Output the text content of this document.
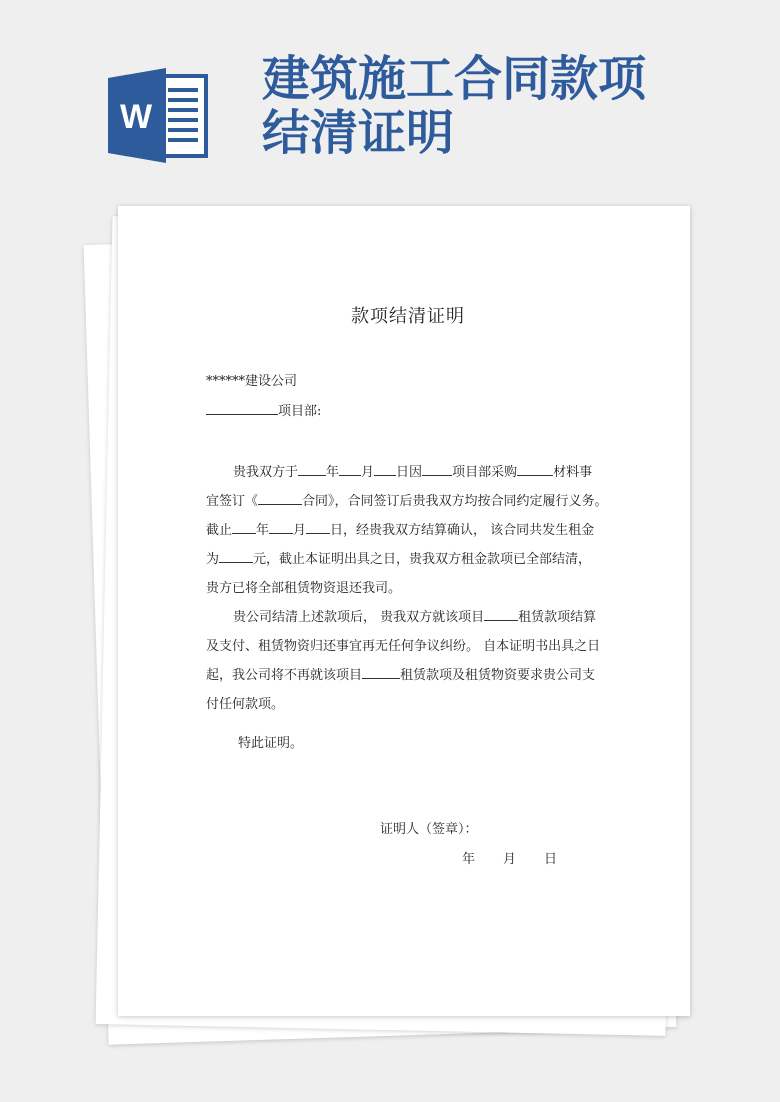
W
建筑施工合同款项
结清证明
款项结清证明
******建设公司
项目部:
贵我双方于 年 月 日因 项目部采购	材料事
宜签订《	合同》，合同签订后贵我双方均按合同约定履行义务。
截止 年 月 日，经贵我双方结算确认， 该合同共发生租金
为	元，截止本证明出具之日，贵我双方租金款项已全部结清，
贵方已将全部租赁物资退还我司。
贵公司结清上述款项后， 贵我双方就该项目	租赁款项结算
及支付、租赁物资归还事宜再无任何争议纠纷。 自本证明书出具之日
起，我公司将不再就该项目	租赁款项及租赁物资要求贵公司支
付任何款项。
特此证明。
证明人（签章）：
年 月 日
